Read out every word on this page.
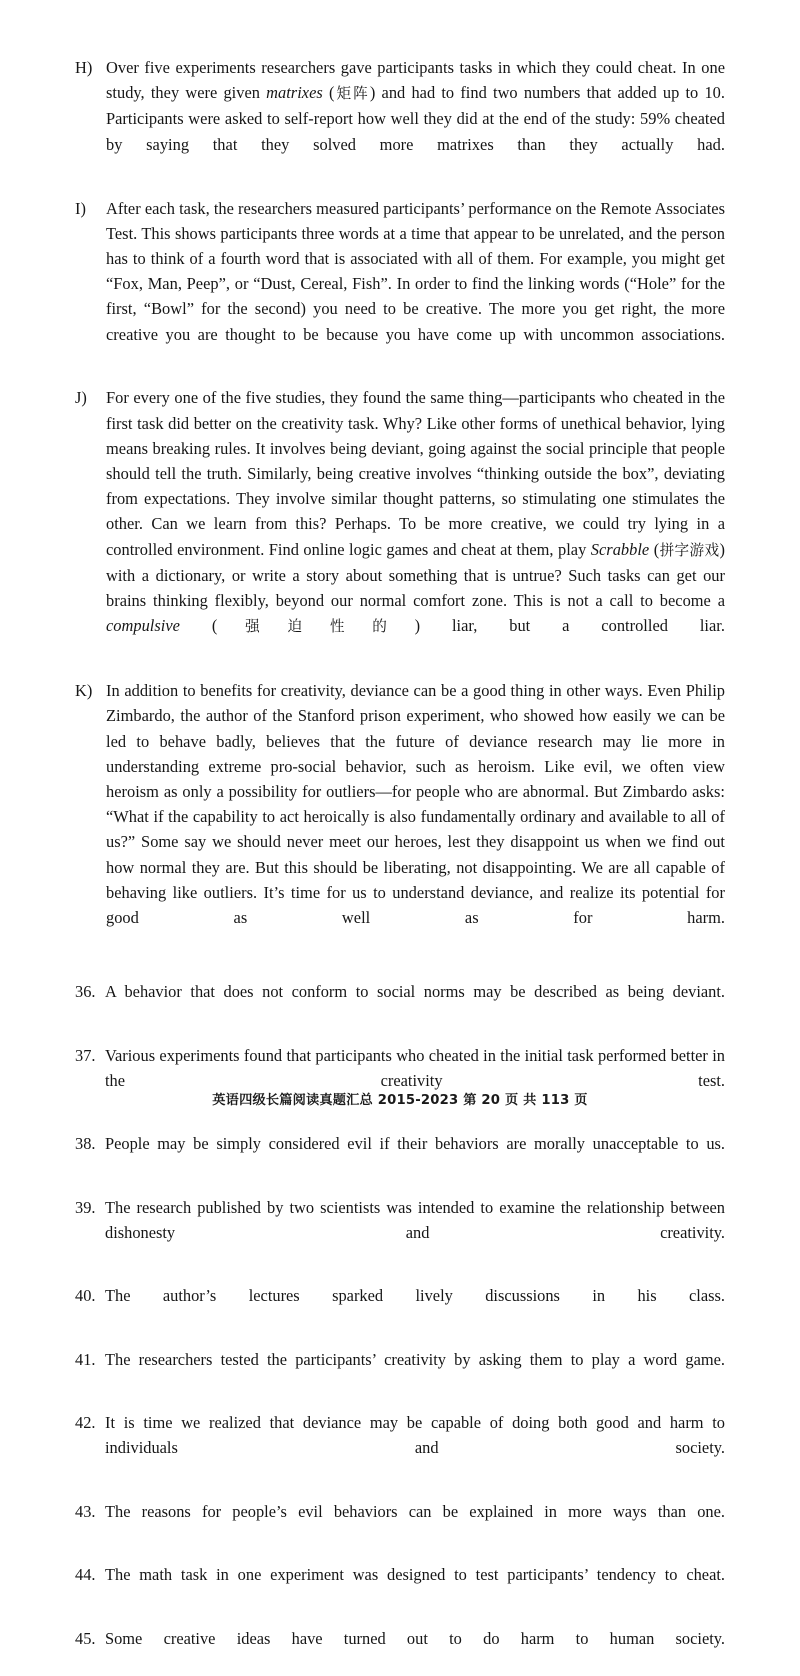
H) Over five experiments researchers gave participants tasks in which they could cheat. In one study, they were given matrixes (矩阵) and had to find two numbers that added up to 10. Participants were asked to self-report how well they did at the end of the study: 59% cheated by saying that they solved more matrixes than they actually had.
I)	After each task, the researchers measured participants’ performance on the Remote Associates Test. This shows participants three words at a time that appear to be unrelated, and the person has to think of a fourth word that is associated with all of them. For example, you might get “Fox, Man, Peep”, or “Dust, Cereal, Fish”. In order to find the linking words (“Hole” for the first, “Bowl” for the second) you need to be creative. The more you get right, the more creative you are thought to be because you have come up with uncommon associations.
J)	For every one of the five studies, they found the same thing—participants who cheated in the first task did better on the creativity task. Why? Like other forms of unethical behavior, lying means breaking rules. It involves being deviant, going against the social principle that people should tell the truth. Similarly, being creative involves “thinking outside the box”, deviating from expectations. They involve similar thought patterns, so stimulating one stimulates the other. Can we learn from this? Perhaps. To be more creative, we could try lying in a controlled environment. Find online logic games and cheat at them, play Scrabble (拼字游戏) with a dictionary, or write a story about something that is untrue? Such tasks can get our brains thinking flexibly, beyond our normal comfort zone. This is not a call to become a compulsive (强迫性的) liar, but a controlled liar.
K) In addition to benefits for creativity, deviance can be a good thing in other ways. Even Philip Zimbardo, the author of the Stanford prison experiment, who showed how easily we can be led to behave badly, believes that the future of deviance research may lie more in understanding extreme pro-social behavior, such as heroism. Like evil, we often view heroism as only a possibility for outliers—for people who are abnormal. But Zimbardo asks: “What if the capability to act heroically is also fundamentally ordinary and available to all of us?” Some say we should never meet our heroes, lest they disappoint us when we find out how normal they are. But this should be liberating, not disappointing. We are all capable of behaving like outliers. It’s time for us to understand deviance, and realize its potential for good as well as for harm.
36. A behavior that does not conform to social norms may be described as being deviant.
37. Various experiments found that participants who cheated in the initial task performed better in the creativity test.
38. People may be simply considered evil if their behaviors are morally unacceptable to us.
39. The research published by two scientists was intended to examine the relationship between dishonesty and creativity.
40. The author’s lectures sparked lively discussions in his class.
41. The researchers tested the participants’ creativity by asking them to play a word game.
42. It is time we realized that deviance may be capable of doing both good and harm to individuals and society.
43. The reasons for people’s evil behaviors can be explained in more ways than one.
44. The math task in one experiment was designed to test participants’ tendency to cheat.
45. Some creative ideas have turned out to do harm to human society.
英语四级长篇阅读真题汇总 2015-2023 第 20 页 共 113 页
